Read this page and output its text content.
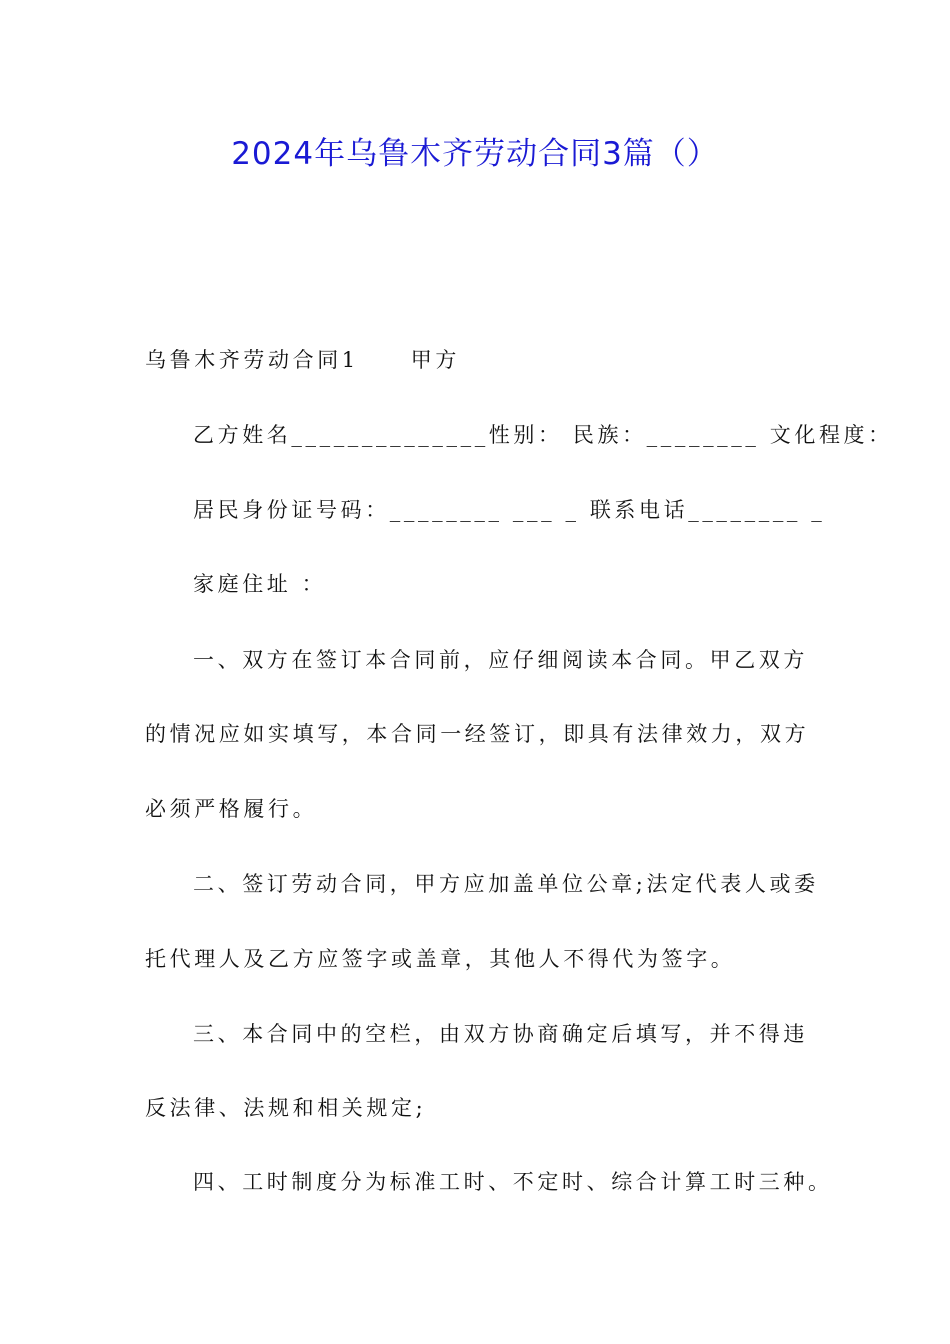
2024年乌鲁木齐劳动合同3篇（）

乌鲁木齐劳动合同1 甲方

乙方姓名______________性别： 民族：________ 文化程度：

居民身份证号码：________ ___ _ 联系电话________ _

家庭住址 ：

一、双方在签订本合同前，应仔细阅读本合同。甲乙双方

的情况应如实填写，本合同一经签订，即具有法律效力，双方

必须严格履行。

二、签订劳动合同，甲方应加盖单位公章;法定代表人或委

托代理人及乙方应签字或盖章，其他人不得代为签字。

三、本合同中的空栏，由双方协商确定后填写，并不得违

反法律、法规和相关规定;

四、工时制度分为标准工时、不定时、综合计算工时三种。
